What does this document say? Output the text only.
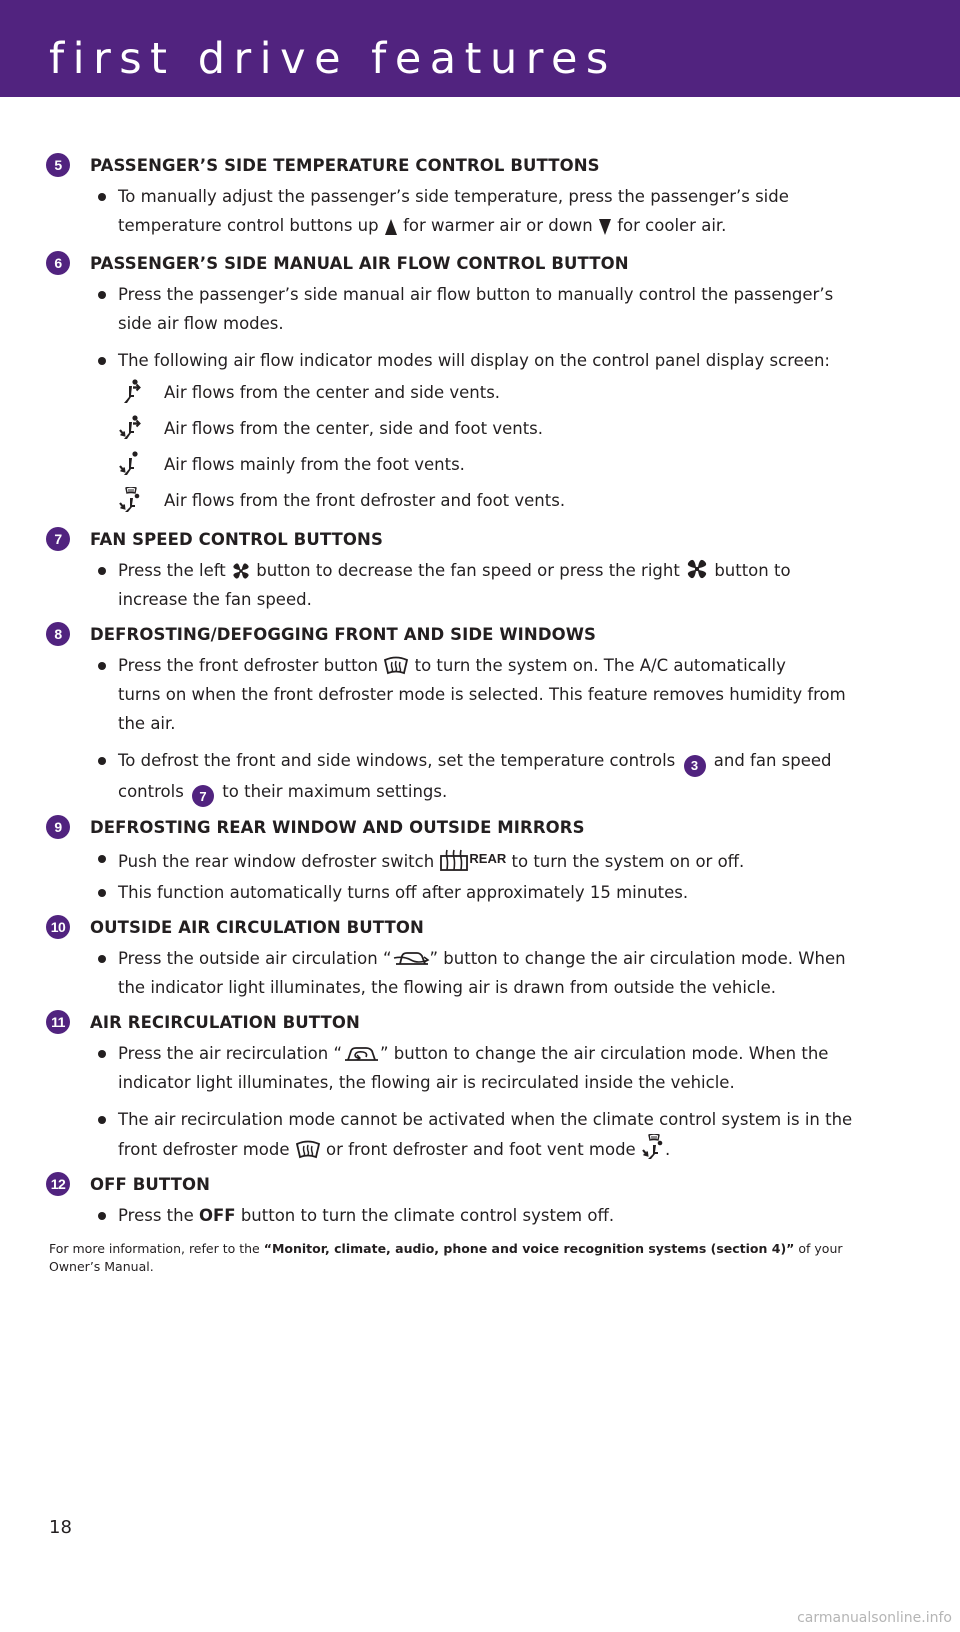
first drive features
5	PASSENGER’S SIDE TEMPERATURE CONTROL BUTTONS
To manually adjust the passenger’s side temperature, press the passenger’s side
temperature control buttons up for warmer air or down for cooler air.
6	PASSENGER’S SIDE MANUAL AIR FLOW CONTROL BUTTON
Press the passenger’s side manual air flow button to manually control the passenger’s
side air flow modes.
The following air flow indicator modes will display on the control panel display screen:
Air flows from the center and side vents.
Air flows from the center, side and foot vents.
Air flows mainly from the foot vents.
Air flows from the front defroster and foot vents.
7	FAN SPEED CONTROL BUTTONS
Press the left button to decrease the fan speed or press the right button to
increase the fan speed.
8	DEFROSTING/DEFOGGING FRONT AND SIDE WINDOWS
Press the front defroster button to turn the system on. The A/C automatically
turns on when the front defroster mode is selected. This feature removes humidity from
the air.
To defrost the front and side windows, set the temperature controls 3 and fan speed
controls 7 to their maximum settings.
9	DEFROSTING REAR WINDOW AND OUTSIDE MIRRORS
Push the rear window defroster switch	$^{REAR}$ to turn the system on or off.
This function automatically turns off after approximately 15 minutes.
10 OUTSIDE AIR CIRCULATION BUTTON
Press the outside air circulation “ ” button to change the air circulation mode. When
the indicator light illuminates, the flowing air is drawn from outside the vehicle.
11	AIR RECIRCULATION BUTTON
Press the air recirculation “ ” button to change the air circulation mode. When the
indicator light illuminates, the flowing air is recirculated inside the vehicle.
The air recirculation mode cannot be activated when the climate control system is in the
front defroster mode or front defroster and foot vent mode .
12 OFF BUTTON
Press the OFF button to turn the climate control system off.
For more information, refer to the “Monitor, climate, audio, phone and voice recognition systems (section 4)” of your
Owner’s Manual.
18
carmanualsonline.info
